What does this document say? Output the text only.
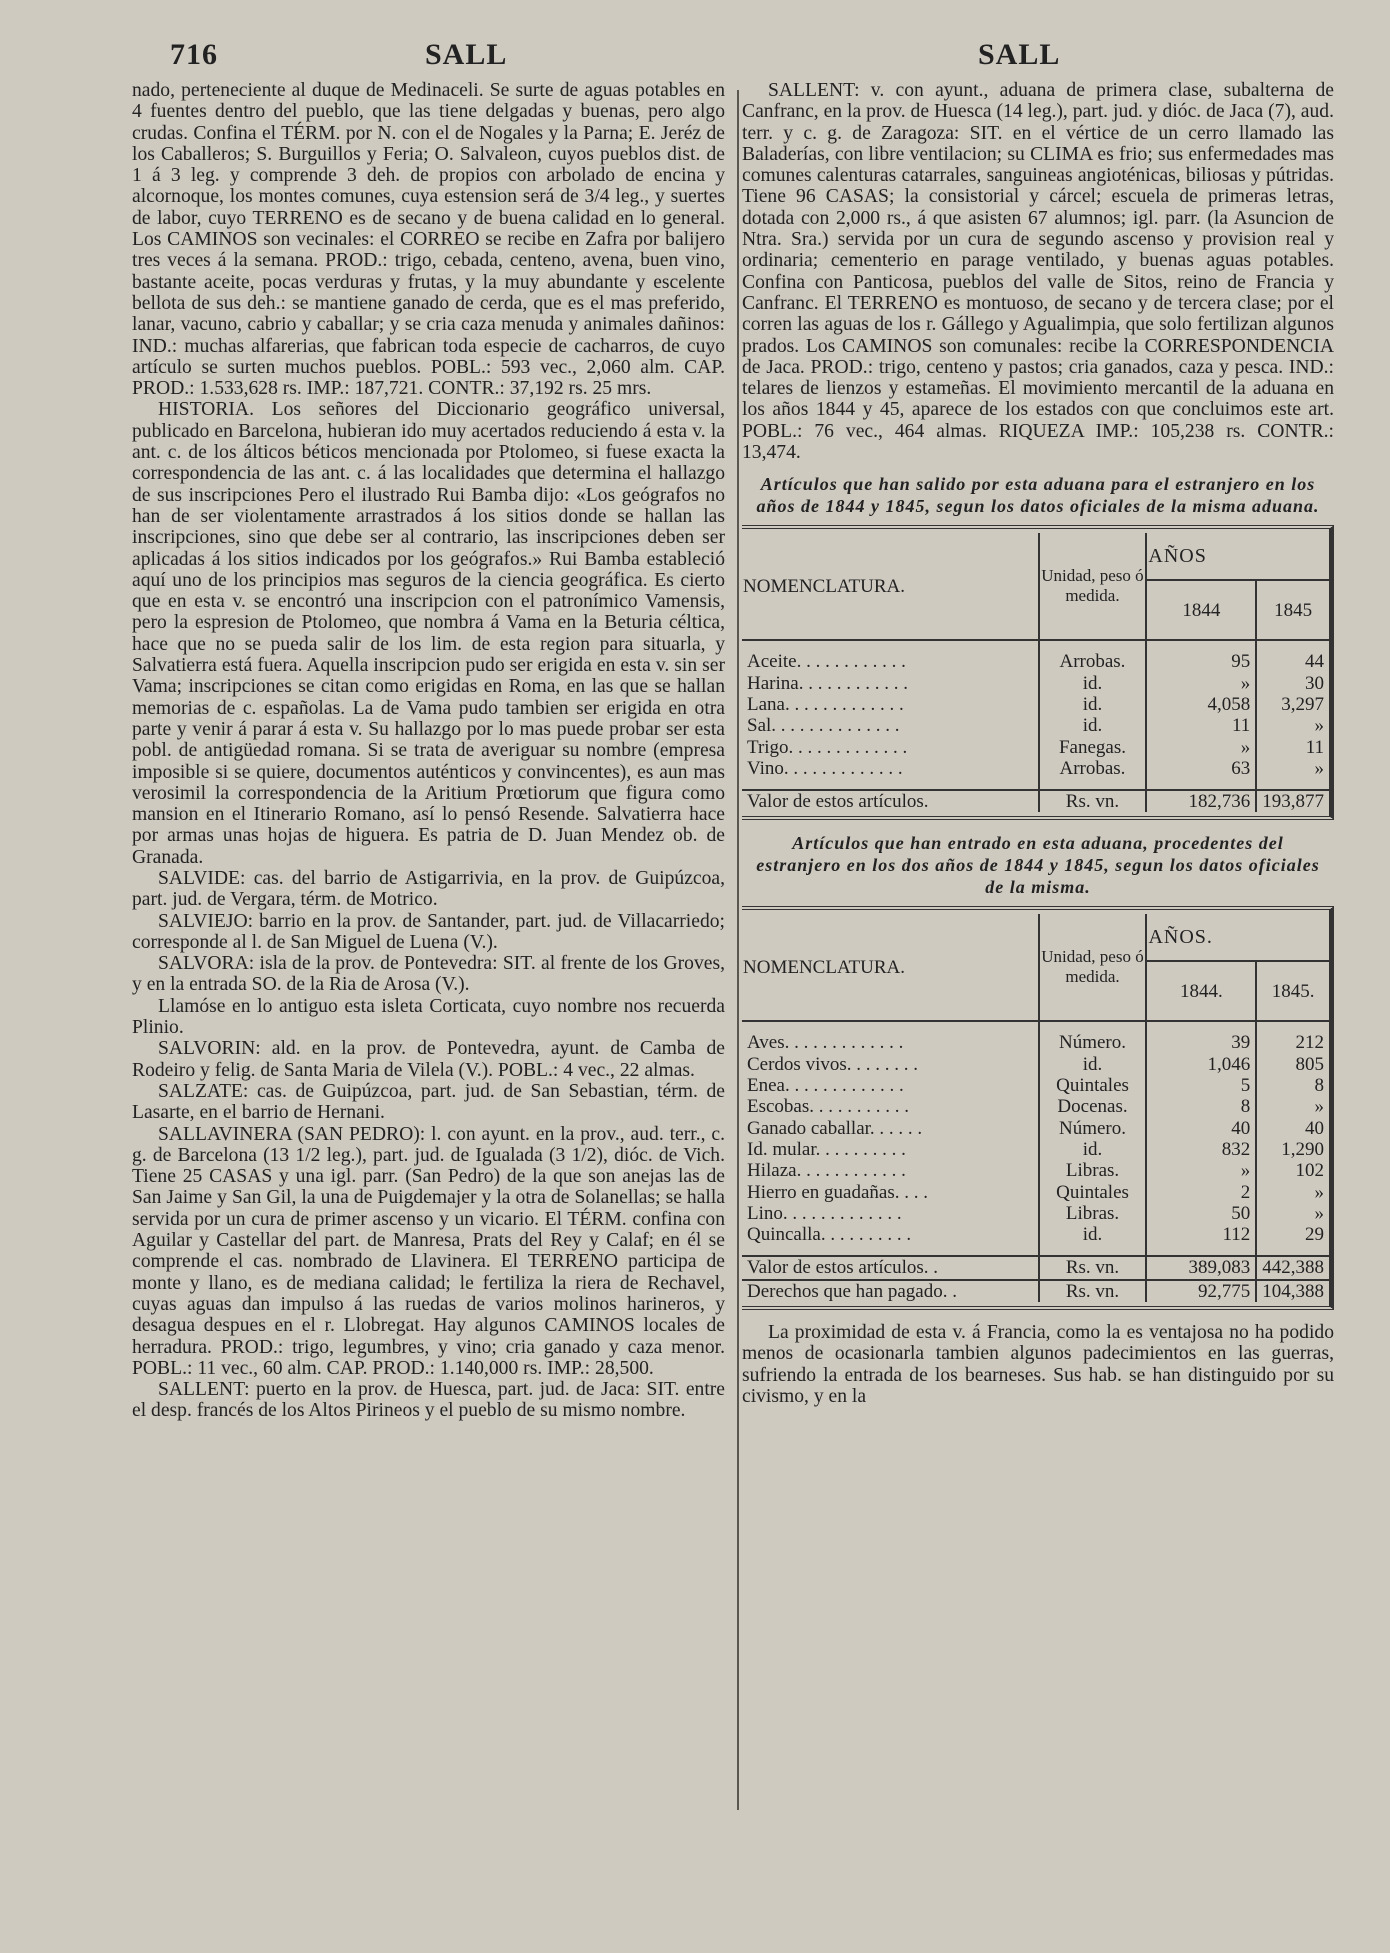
716	SALL	SALL

nado, perteneciente al duque de Medinaceli. Se surte de aguas potables en 4 fuentes dentro del pueblo, que las tiene delgadas y buenas, pero algo crudas. Confina el TÉRM. por N. con el de Nogales y la Parna; E. Jeréz de los Caballeros; S. Burguillos y Feria; O. Salvaleon, cuyos pueblos dist. de 1 á 3 leg. y comprende 3 deh. de propios con arbolado de encina y alcornoque, los montes comunes, cuya estension será de 3/4 leg., y suertes de labor, cuyo TERRENO es de secano y de buena calidad en lo general. Los CAMINOS son vecinales: el CORREO se recibe en Zafra por balijero tres veces á la semana. PROD.: trigo, cebada, centeno, avena, buen vino, bastante aceite, pocas verduras y frutas, y la muy abundante y escelente bellota de sus deh.: se mantiene ganado de cerda, que es el mas preferido, lanar, vacuno, cabrio y caballar; y se cria caza menuda y animales dañinos: IND.: muchas alfarerias, que fabrican toda especie de cacharros, de cuyo artículo se surten muchos pueblos. POBL.: 593 vec., 2,060 alm. CAP. PROD.: 1.533,628 rs. IMP.: 187,721. CONTR.: 37,192 rs. 25 mrs.

HISTORIA. Los señores del Diccionario geográfico universal, publicado en Barcelona, hubieran ido muy acertados reduciendo á esta v. la ant. c. de los álticos béticos mencionada por Ptolomeo, si fuese exacta la correspondencia de las ant. c. á las localidades que determina el hallazgo de sus inscripciones Pero el ilustrado Rui Bamba dijo: «Los geógrafos no han de ser violentamente arrastrados á los sitios donde se hallan las inscripciones, sino que debe ser al contrario, las inscripciones deben ser aplicadas á los sitios indicados por los geógrafos.» Rui Bamba estableció aquí uno de los principios mas seguros de la ciencia geográfica. Es cierto que en esta v. se encontró una inscripcion con el patronímico Vamensis, pero la espresion de Ptolomeo, que nombra á Vama en la Beturia céltica, hace que no se pueda salir de los lim. de esta region para situarla, y Salvatierra está fuera. Aquella inscripcion pudo ser erigida en esta v. sin ser Vama; inscripciones se citan como erigidas en Roma, en las que se hallan memorias de c. españolas. La de Vama pudo tambien ser erigida en otra parte y venir á parar á esta v. Su hallazgo por lo mas puede probar ser esta pobl. de antigüedad romana. Si se trata de averiguar su nombre (empresa imposible si se quiere, documentos auténticos y convincentes), es aun mas verosimil la correspondencia de la Aritium Prœtiorum que figura como mansion en el Itinerario Romano, así lo pensó Resende. Salvatierra hace por armas unas hojas de higuera. Es patria de D. Juan Mendez ob. de Granada.

SALVIDE: cas. del barrio de Astigarrivia, en la prov. de Guipúzcoa, part. jud. de Vergara, térm. de Motrico.

SALVIEJO: barrio en la prov. de Santander, part. jud. de Villacarriedo; corresponde al l. de San Miguel de Luena (V.).

SALVORA: isla de la prov. de Pontevedra: SIT. al frente de los Groves, y en la entrada SO. de la Ria de Arosa (V.).

Llamóse en lo antiguo esta isleta Corticata, cuyo nombre nos recuerda Plinio.

SALVORIN: ald. en la prov. de Pontevedra, ayunt. de Camba de Rodeiro y felig. de Santa Maria de Vilela (V.). POBL.: 4 vec., 22 almas.

SALZATE: cas. de Guipúzcoa, part. jud. de San Sebastian, térm. de Lasarte, en el barrio de Hernani.

SALLAVINERA (SAN PEDRO): l. con ayunt. en la prov., aud. terr., c. g. de Barcelona (13 1/2 leg.), part. jud. de Igualada (3 1/2), dióc. de Vich. Tiene 25 CASAS y una igl. parr. (San Pedro) de la que son anejas las de San Jaime y San Gil, la una de Puigdemajer y la otra de Solanellas; se halla servida por un cura de primer ascenso y un vicario. El TÉRM. confina con Aguilar y Castellar del part. de Manresa, Prats del Rey y Calaf; en él se comprende el cas. nombrado de Llavinera. El TERRENO participa de monte y llano, es de mediana calidad; le fertiliza la riera de Rechavel, cuyas aguas dan impulso á las ruedas de varios molinos harineros, y desagua despues en el r. Llobregat. Hay algunos CAMINOS locales de herradura. PROD.: trigo, legumbres, y vino; cria ganado y caza menor. POBL.: 11 vec., 60 alm. CAP. PROD.: 1.140,000 rs. IMP.: 28,500.

SALLENT: puerto en la prov. de Huesca, part. jud. de Jaca: SIT. entre el desp. francés de los Altos Pirineos y el pueblo de su mismo nombre.

SALLENT: v. con ayunt., aduana de primera clase, subalterna de Canfranc, en la prov. de Huesca (14 leg.), part. jud. y dióc. de Jaca (7), aud. terr. y c. g. de Zaragoza: SIT. en el vértice de un cerro llamado las Baladerías, con libre ventilacion; su CLIMA es frio; sus enfermedades mas comunes calenturas catarrales, sanguineas angioténicas, biliosas y pútridas. Tiene 96 CASAS; la consistorial y cárcel; escuela de primeras letras, dotada con 2,000 rs., á que asisten 67 alumnos; igl. parr. (la Asuncion de Ntra. Sra.) servida por un cura de segundo ascenso y provision real y ordinaria; cementerio en parage ventilado, y buenas aguas potables. Confina con Panticosa, pueblos del valle de Sitos, reino de Francia y Canfranc. El TERRENO es montuoso, de secano y de tercera clase; por el corren las aguas de los r. Gállego y Agualimpia, que solo fertilizan algunos prados. Los CAMINOS son comunales: recibe la CORRESPONDENCIA de Jaca. PROD.: trigo, centeno y pastos; cria ganados, caza y pesca. IND.: telares de lienzos y estameñas. El movimiento mercantil de la aduana en los años 1844 y 45, aparece de los estados con que concluimos este art. POBL.: 76 vec., 464 almas. RIQUEZA IMP.: 105,238 rs. CONTR.: 13,474.

Artículos que han salido por esta aduana para el estranjero en los años de 1844 y 1845, segun los datos oficiales de la misma aduana.
NOMENCLATURA.	Unidad, peso ó medida.	AÑOS	
		1844	1845

Aceite. . . . . . . . . . . .	Arrobas.	95	44
Harina. . . . . . . . . . . .	id.	»	30
Lana. . . . . . . . . . . . .	id.	4,058	3,297
Sal. . . . . . . . . . . . . .	id.	11	»
Trigo. . . . . . . . . . . . .	Fanegas.	»	11
Vino. . . . . . . . . . . . .	Arrobas.	63	»

Valor de estos artículos.	Rs. vn.	182,736	193,877
Artículos que han entrado en esta aduana, procedentes del estranjero en los dos años de 1844 y 1845, segun los datos oficiales de la misma.
NOMENCLATURA.	Unidad, peso ó medida.	AÑOS.	
		1844.	1845.

Aves. . . . . . . . . . . . .	Número.	39	212
Cerdos vivos. . . . . . . .	id.	1,046	805
Enea. . . . . . . . . . . . .	Quintales	5	8
Escobas. . . . . . . . . . .	Docenas.	8	»
Ganado caballar. . . . . .	Número.	40	40
Id. mular. . . . . . . . . .	id.	832	1,290
Hilaza. . . . . . . . . . . .	Libras.	»	102
Hierro en guadañas. . . .	Quintales	2	»
Lino. . . . . . . . . . . . .	Libras.	50	»
Quincalla. . . . . . . . . .	id.	112	29

Valor de estos artículos. .	Rs. vn.	389,083	442,388
Derechos que han pagado. .	Rs. vn.	92,775	104,388

La proximidad de esta v. á Francia, como la es ventajosa no ha podido menos de ocasionarla tambien algunos padecimientos en las guerras, sufriendo la entrada de los bearneses. Sus hab. se han distinguido por su civismo, y en la
